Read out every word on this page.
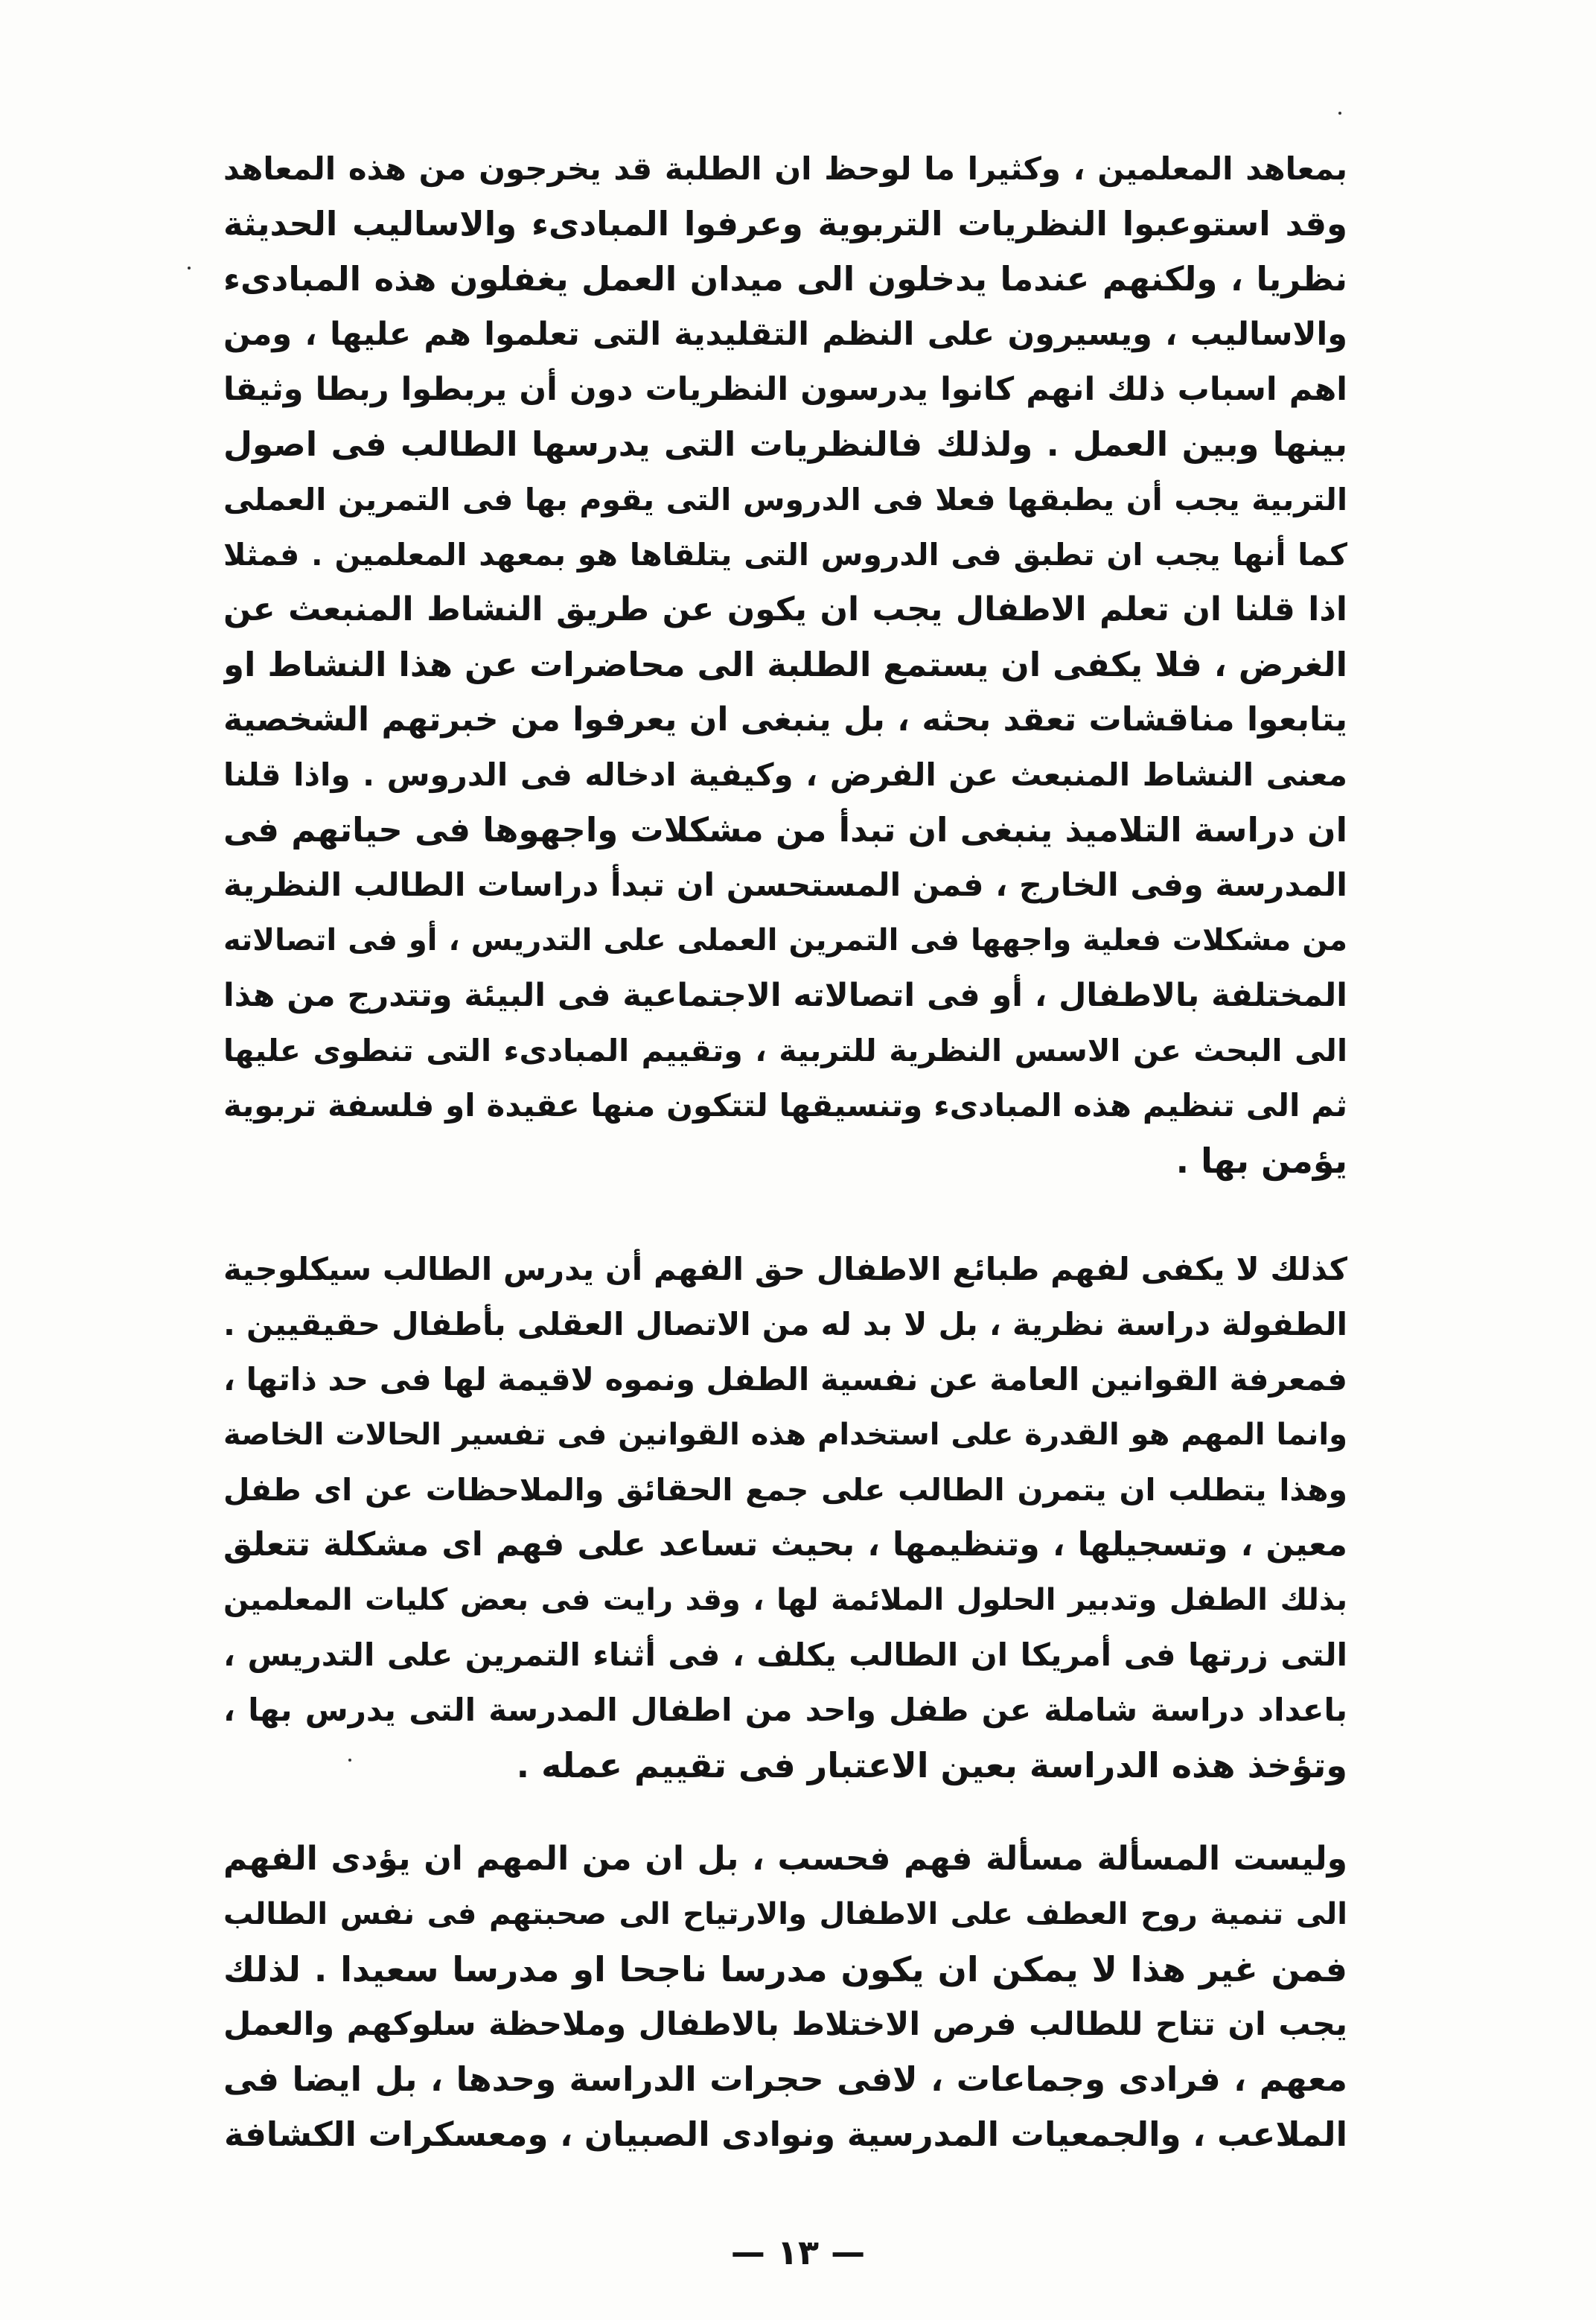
بمعاهد المعلمين ، وكثيرا ما لوحظ ان الطلبة قد يخرجون من هذه المعاهد
وقد استوعبوا النظريات التربوية وعرفوا المبادىء والاساليب الحديثة
نظريا ، ولكنهم عندما يدخلون الى ميدان العمل يغفلون هذه المبادىء
والاساليب ، ويسيرون على النظم التقليدية التى تعلموا هم عليها ، ومن
اهم اسباب ذلك انهم كانوا يدرسون النظريات دون أن يربطوا ربطا وثيقا
بينها وبين العمل . ولذلك فالنظريات التى يدرسها الطالب فى اصول
التربية يجب أن يطبقها فعلا فى الدروس التى يقوم بها فى التمرين العملى
كما أنها يجب ان تطبق فى الدروس التى يتلقاها هو بمعهد المعلمين . فمثلا
اذا قلنا ان تعلم الاطفال يجب ان يكون عن طريق النشاط المنبعث عن
الغرض ، فلا يكفى ان يستمع الطلبة الى محاضرات عن هذا النشاط او
يتابعوا مناقشات تعقد بحثه ، بل ينبغى ان يعرفوا من خبرتهم الشخصية
معنى النشاط المنبعث عن الفرض ، وكيفية ادخاله فى الدروس . واذا قلنا
ان دراسة التلاميذ ينبغى ان تبدأ من مشكلات واجهوها فى حياتهم فى
المدرسة وفى الخارج ، فمن المستحسن ان تبدأ دراسات الطالب النظرية
من مشكلات فعلية واجهها فى التمرين العملى على التدريس ، أو فى اتصالاته
المختلفة بالاطفال ، أو فى اتصالاته الاجتماعية فى البيئة وتتدرج من هذا
الى البحث عن الاسس النظرية للتربية ، وتقييم المبادىء التى تنطوى عليها
ثم الى تنظيم هذه المبادىء وتنسيقها لتتكون منها عقيدة او فلسفة تربوية
يؤمن بها .
كذلك لا يكفى لفهم طبائع الاطفال حق الفهم أن يدرس الطالب سيكلوجية
الطفولة دراسة نظرية ، بل لا بد له من الاتصال العقلى بأطفال حقيقيين .
فمعرفة القوانين العامة عن نفسية الطفل ونموه لاقيمة لها فى حد ذاتها ،
وانما المهم هو القدرة على استخدام هذه القوانين فى تفسير الحالات الخاصة
وهذا يتطلب ان يتمرن الطالب على جمع الحقائق والملاحظات عن اى طفل
معين ، وتسجيلها ، وتنظيمها ، بحيث تساعد على فهم اى مشكلة تتعلق
بذلك الطفل وتدبير الحلول الملائمة لها ، وقد رايت فى بعض كليات المعلمين
التى زرتها فى أمريكا ان الطالب يكلف ، فى أثناء التمرين على التدريس ،
باعداد دراسة شاملة عن طفل واحد من اطفال المدرسة التى يدرس بها ،
وتؤخذ هذه الدراسة بعين الاعتبار فى تقييم عمله .
وليست المسألة مسألة فهم فحسب ، بل ان من المهم ان يؤدى الفهم
الى تنمية روح العطف على الاطفال والارتياح الى صحبتهم فى نفس الطالب
فمن غير هذا لا يمكن ان يكون مدرسا ناجحا او مدرسا سعيدا . لذلك
يجب ان تتاح للطالب فرص الاختلاط بالاطفال وملاحظة سلوكهم والعمل
معهم ، فرادى وجماعات ، لافى حجرات الدراسة وحدها ، بل ايضا فى
الملاعب ، والجمعيات المدرسية ونوادى الصبيان ، ومعسكرات الكشافة
— ١٣ —
